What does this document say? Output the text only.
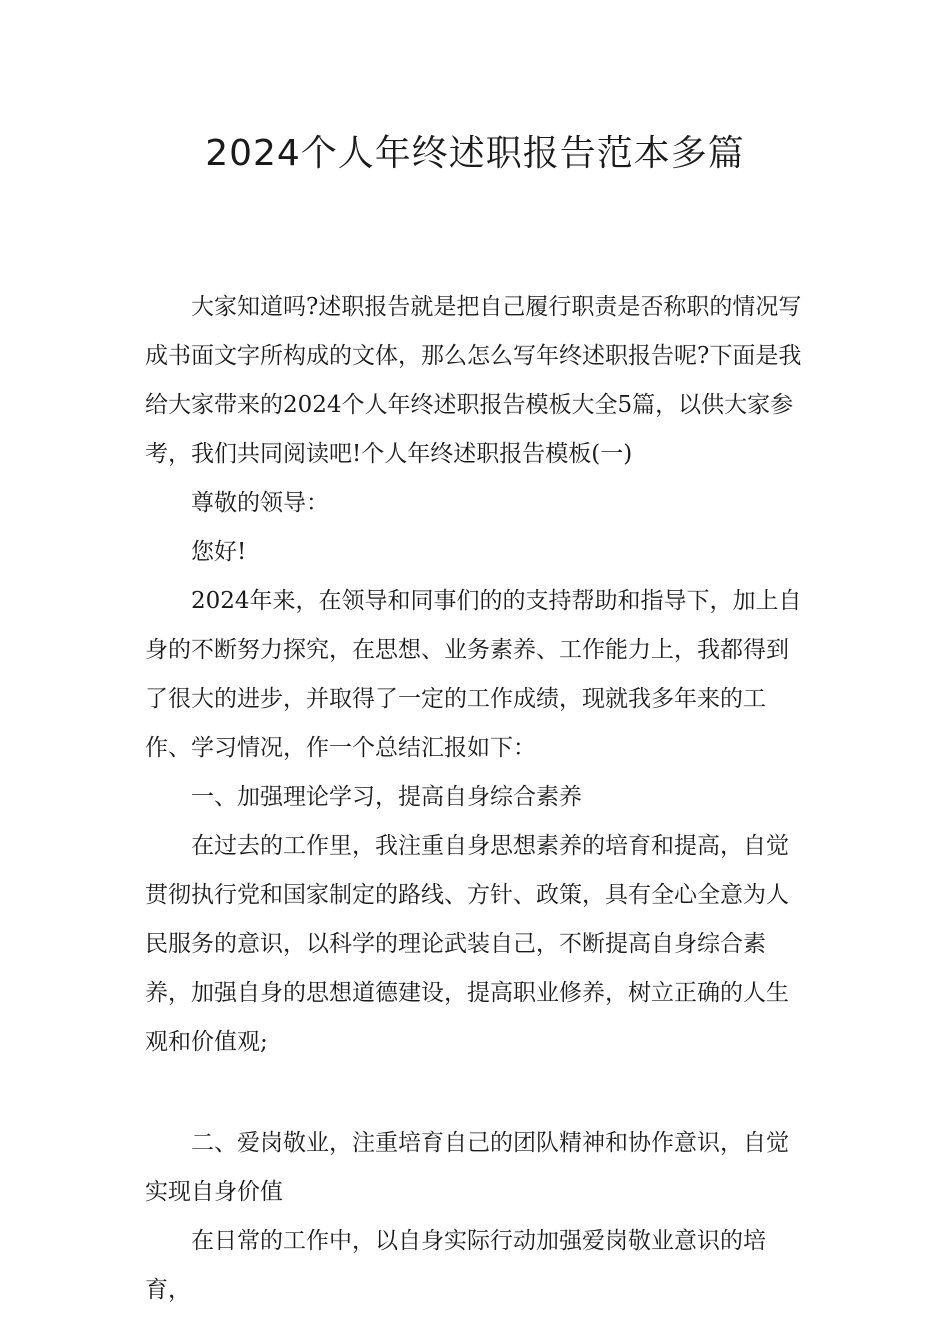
2024个人年终述职报告范本多篇

大家知道吗?述职报告就是把自己履行职责是否称职的情况写成书面文字所构成的文体，那么怎么写年终述职报告呢?下面是我给大家带来的2024个人年终述职报告模板大全5篇，以供大家参考，我们共同阅读吧!个人年终述职报告模板(一)

尊敬的领导：

您好!

2024年来，在领导和同事们的的支持帮助和指导下，加上自身的不断努力探究，在思想、业务素养、工作能力上，我都得到了很大的进步，并取得了一定的工作成绩，现就我多年来的工作、学习情况，作一个总结汇报如下：

一、加强理论学习，提高自身综合素养

在过去的工作里，我注重自身思想素养的培育和提高，自觉贯彻执行党和国家制定的路线、方针、政策，具有全心全意为人民服务的意识，以科学的理论武装自己，不断提高自身综合素养，加强自身的思想道德建设，提高职业修养，树立正确的人生观和价值观;

二、爱岗敬业，注重培育自己的团队精神和协作意识，自觉实现自身价值

在日常的工作中，以自身实际行动加强爱岗敬业意识的培育，
